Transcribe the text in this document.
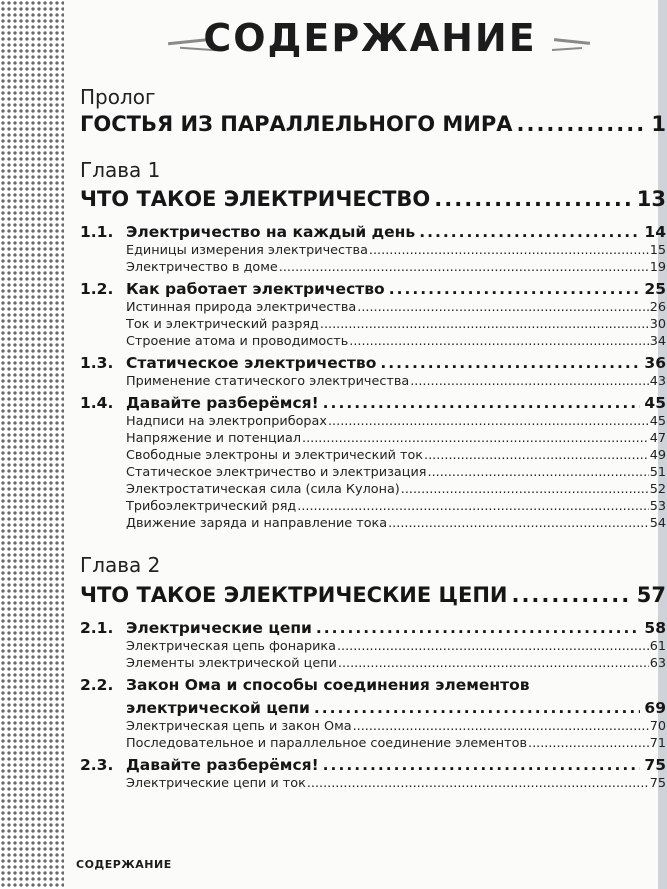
СОДЕРЖАНИЕ
Пролог
ГОСТЬЯ ИЗ ПАРАЛЛЕЛЬНОГО МИРА .....	1
Глава 1
ЧТО ТАКОЕ ЭЛЕКТРИЧЕСТВО .....	13
1.1. Электричество на каждый день .....	14
Единицы измерения электричества .....	15
Электричество в доме .....	19
1.2. Как работает электричество .....	25
Истинная природа электричества .....	26
Ток и электрический разряд .....	30
Строение атома и проводимость .....	34
1.3. Статическое электричество .....	36
Применение статического электричества .....	43
1.4. Давайте разберёмся! .....	45
Надписи на электроприборах .....	45
Напряжение и потенциал .....	47
Свободные электроны и электрический ток .....	49
Статическое электричество и электризация .....	51
Электростатическая сила (сила Кулона) .....	52
Трибоэлектрический ряд .....	53
Движение заряда и направление тока .....	54
Глава 2
ЧТО ТАКОЕ ЭЛЕКТРИЧЕСКИЕ ЦЕПИ .....	57
2.1. Электрические цепи .....	58
Электрическая цепь фонарика .....	61
Элементы электрической цепи .....	63
2.2. Закон Ома и способы соединения элементов
электрической цепи .....	69
Электрическая цепь и закон Ома .....	70
Последовательное и параллельное соединение элементов .....	71
2.3. Давайте разберёмся! .....	75
Электрические цепи и ток .....	75
СОДЕРЖАНИЕ
